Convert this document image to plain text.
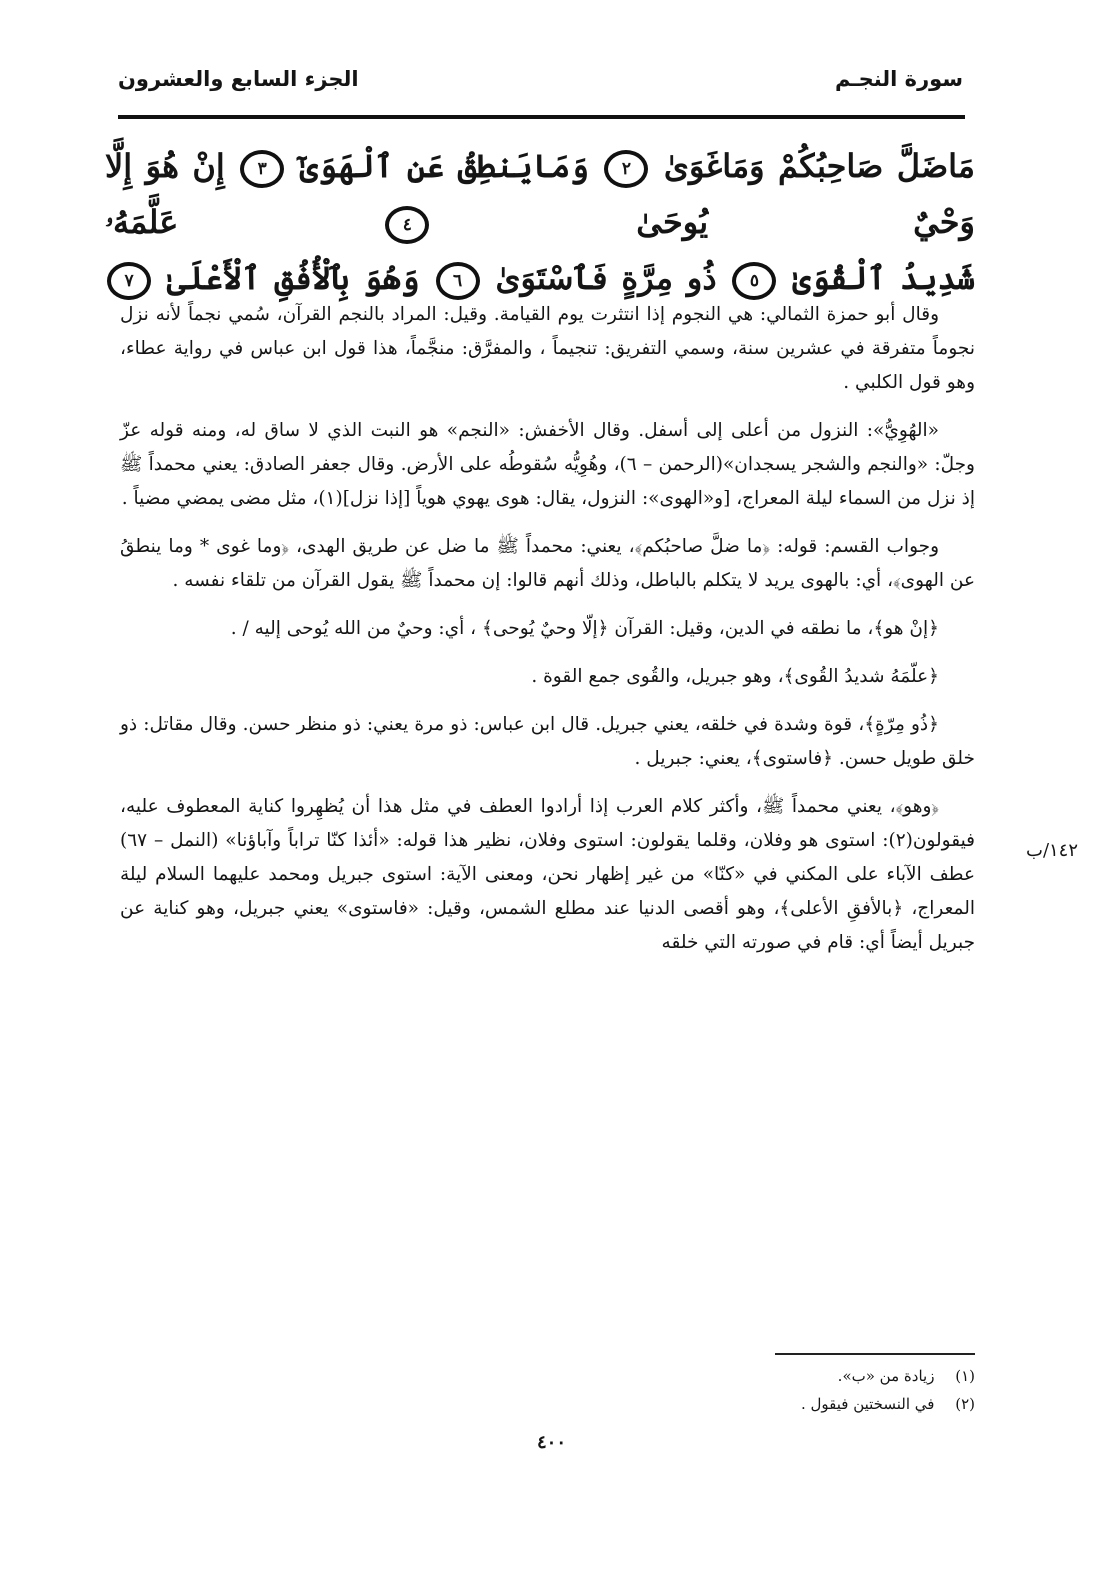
سورة النجـم
الجزء السابع والعشرون
مَاضَلَّ صَاحِبُكُمْ وَمَاغَوَىٰ ٢ وَمَايَنطِقُ عَنِ ٱلْهَوَىٰٓ ٣ إِنْ هُوَ إِلَّا وَحْيٌ يُوحَىٰ ٤ عَلَّمَهُۥ
شَدِيدُ ٱلْقُوَىٰ ٥ ذُو مِرَّةٍ فَٱسْتَوَىٰ ٦ وَهُوَ بِٱلْأُفُقِ ٱلْأَعْلَىٰ ٧

وقال أبو حمزة الثمالي: هي النجوم إذا انتثرت يوم القيامة. وقيل: المراد بالنجم القرآن، سُمي نجماً لأنه نزل نجوماً متفرقة في عشرين سنة، وسمي التفريق: تنجيماً ، والمفرَّق: منجَّماً، هذا قول ابن عباس في رواية عطاء، وهو قول الكلبي .

«الهُوِيُّ»: النزول من أعلى إلى أسفل. وقال الأخفش: «النجم» هو النبت الذي لا ساق له، ومنه قوله عزّ وجلّ: «والنجم والشجر يسجدان»(الرحمن – ٦)، وهُوِيُّه سُقوطُه على الأرض. وقال جعفر الصادق: يعني محمداً ﷺ إذ نزل من السماء ليلة المعراج، [و«الهوى»: النزول، يقال: هوى يهوي هوياً [إذا نزل](١)، مثل مضى يمضي مضياً .

وجواب القسم: قوله: ﴿ما ضلَّ صاحبُكم﴾، يعني: محمداً ﷺ ما ضل عن طريق الهدى، ﴿وما غوى * وما ينطقُ عن الهوى﴾، أي: بالهوى يريد لا يتكلم بالباطل، وذلك أنهم قالوا: إن محمداً ﷺ يقول القرآن من تلقاء نفسه .

﴿إنْ هو﴾، ما نطقه في الدين، وقيل: القرآن ﴿إلّا وحيٌ يُوحى﴾ ، أي: وحيٌ من الله يُوحى إليه / .

﴿علّمَهُ شديدُ القُوى﴾، وهو جبريل، والقُوى جمع القوة .

﴿ذُو مِرّةٍ﴾، قوة وشدة في خلقه، يعني جبريل. قال ابن عباس: ذو مرة يعني: ذو منظر حسن. وقال مقاتل: ذو خلق طويل حسن. ﴿فاستوى﴾، يعني: جبريل .

﴿وهو﴾، يعني محمداً ﷺ، وأكثر كلام العرب إذا أرادوا العطف في مثل هذا أن يُظهِروا كناية المعطوف عليه، فيقولون(٢): استوى هو وفلان، وقلما يقولون: استوى وفلان، نظير هذا قوله: «أئذا كنّا تراباً وآباؤنا» (النمل – ٦٧) عطف الآباء على المكني في «كنّا» من غير إظهار نحن، ومعنى الآية: استوى جبريل ومحمد عليهما السلام ليلة المعراج، ﴿بالأفقِ الأعلى﴾، وهو أقصى الدنيا عند مطلع الشمس، وقيل: «فاستوى» يعني جبريل، وهو كناية عن جبريل أيضاً أي: قام في صورته التي خلقه

١٤٢/ب
(١) زيادة من «ب».
(٢) في النسختين فيقول .
٤٠٠
